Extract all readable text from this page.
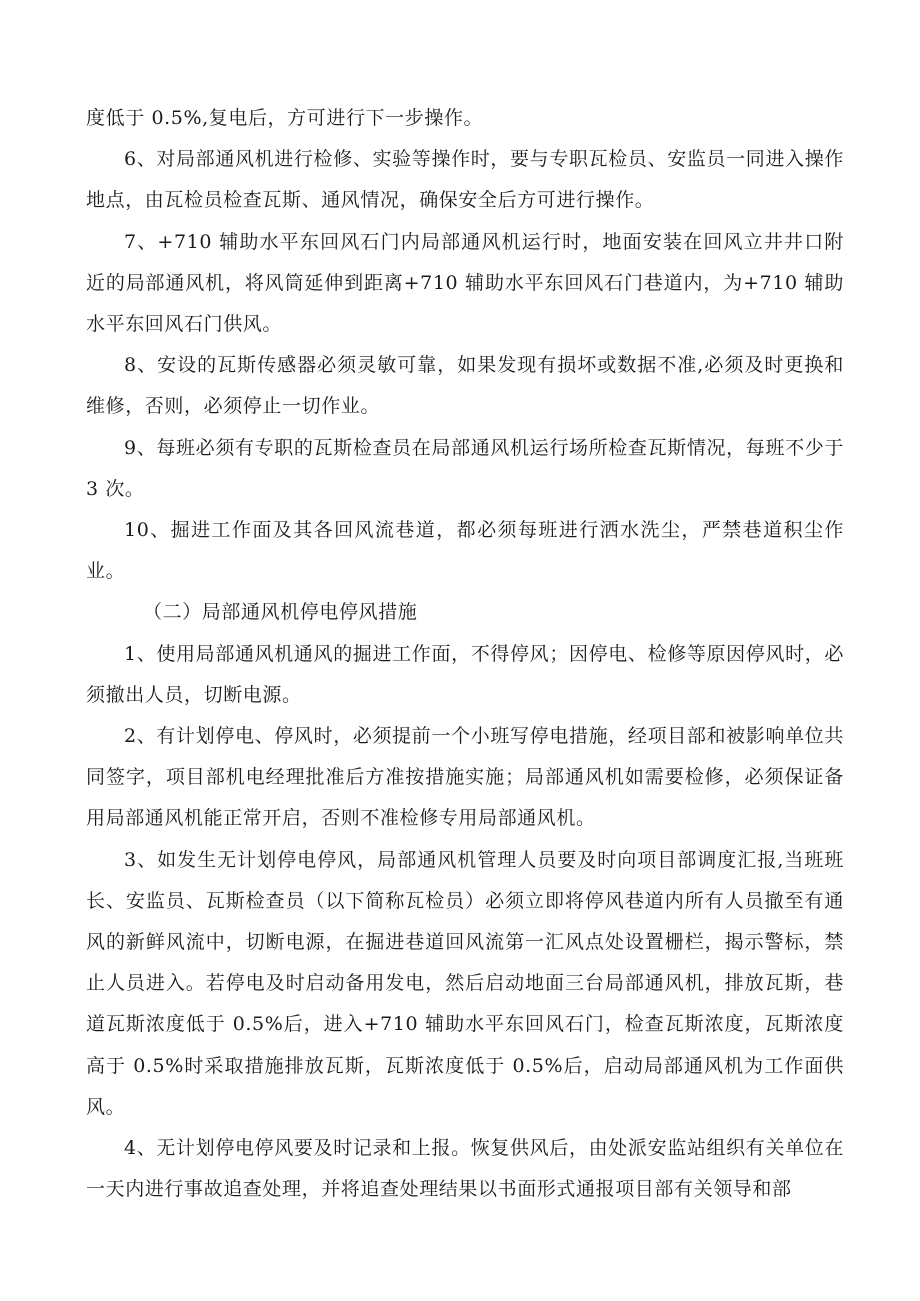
度低于 0.5%,复电后，方可进行下一步操作。

6、对局部通风机进行检修、实验等操作时，要与专职瓦检员、安监员一同进入操作地点，由瓦检员检查瓦斯、通风情况，确保安全后方可进行操作。

7、+710 辅助水平东回风石门内局部通风机运行时，地面安装在回风立井井口附近的局部通风机，将风筒延伸到距离+710 辅助水平东回风石门巷道内，为+710 辅助水平东回风石门供风。

8、安设的瓦斯传感器必须灵敏可靠，如果发现有损坏或数据不准,必须及时更换和维修，否则，必须停止一切作业。

9、每班必须有专职的瓦斯检查员在局部通风机运行场所检查瓦斯情况，每班不少于 3 次。

10、掘进工作面及其各回风流巷道，都必须每班进行洒水洗尘，严禁巷道积尘作业。

（二）局部通风机停电停风措施

1、使用局部通风机通风的掘进工作面，不得停风；因停电、检修等原因停风时，必须撤出人员，切断电源。

2、有计划停电、停风时，必须提前一个小班写停电措施，经项目部和被影响单位共同签字，项目部机电经理批准后方准按措施实施；局部通风机如需要检修，必须保证备用局部通风机能正常开启，否则不准检修专用局部通风机。

3、如发生无计划停电停风，局部通风机管理人员要及时向项目部调度汇报,当班班长、安监员、瓦斯检查员（以下简称瓦检员）必须立即将停风巷道内所有人员撤至有通风的新鲜风流中，切断电源，在掘进巷道回风流第一汇风点处设置栅栏，揭示警标，禁止人员进入。若停电及时启动备用发电，然后启动地面三台局部通风机，排放瓦斯，巷道瓦斯浓度低于 0.5%后，进入+710 辅助水平东回风石门，检查瓦斯浓度，瓦斯浓度高于 0.5%时采取措施排放瓦斯，瓦斯浓度低于 0.5%后，启动局部通风机为工作面供风。

4、无计划停电停风要及时记录和上报。恢复供风后，由处派安监站组织有关单位在一天内进行事故追查处理，并将追查处理结果以书面形式通报项目部有关领导和部
